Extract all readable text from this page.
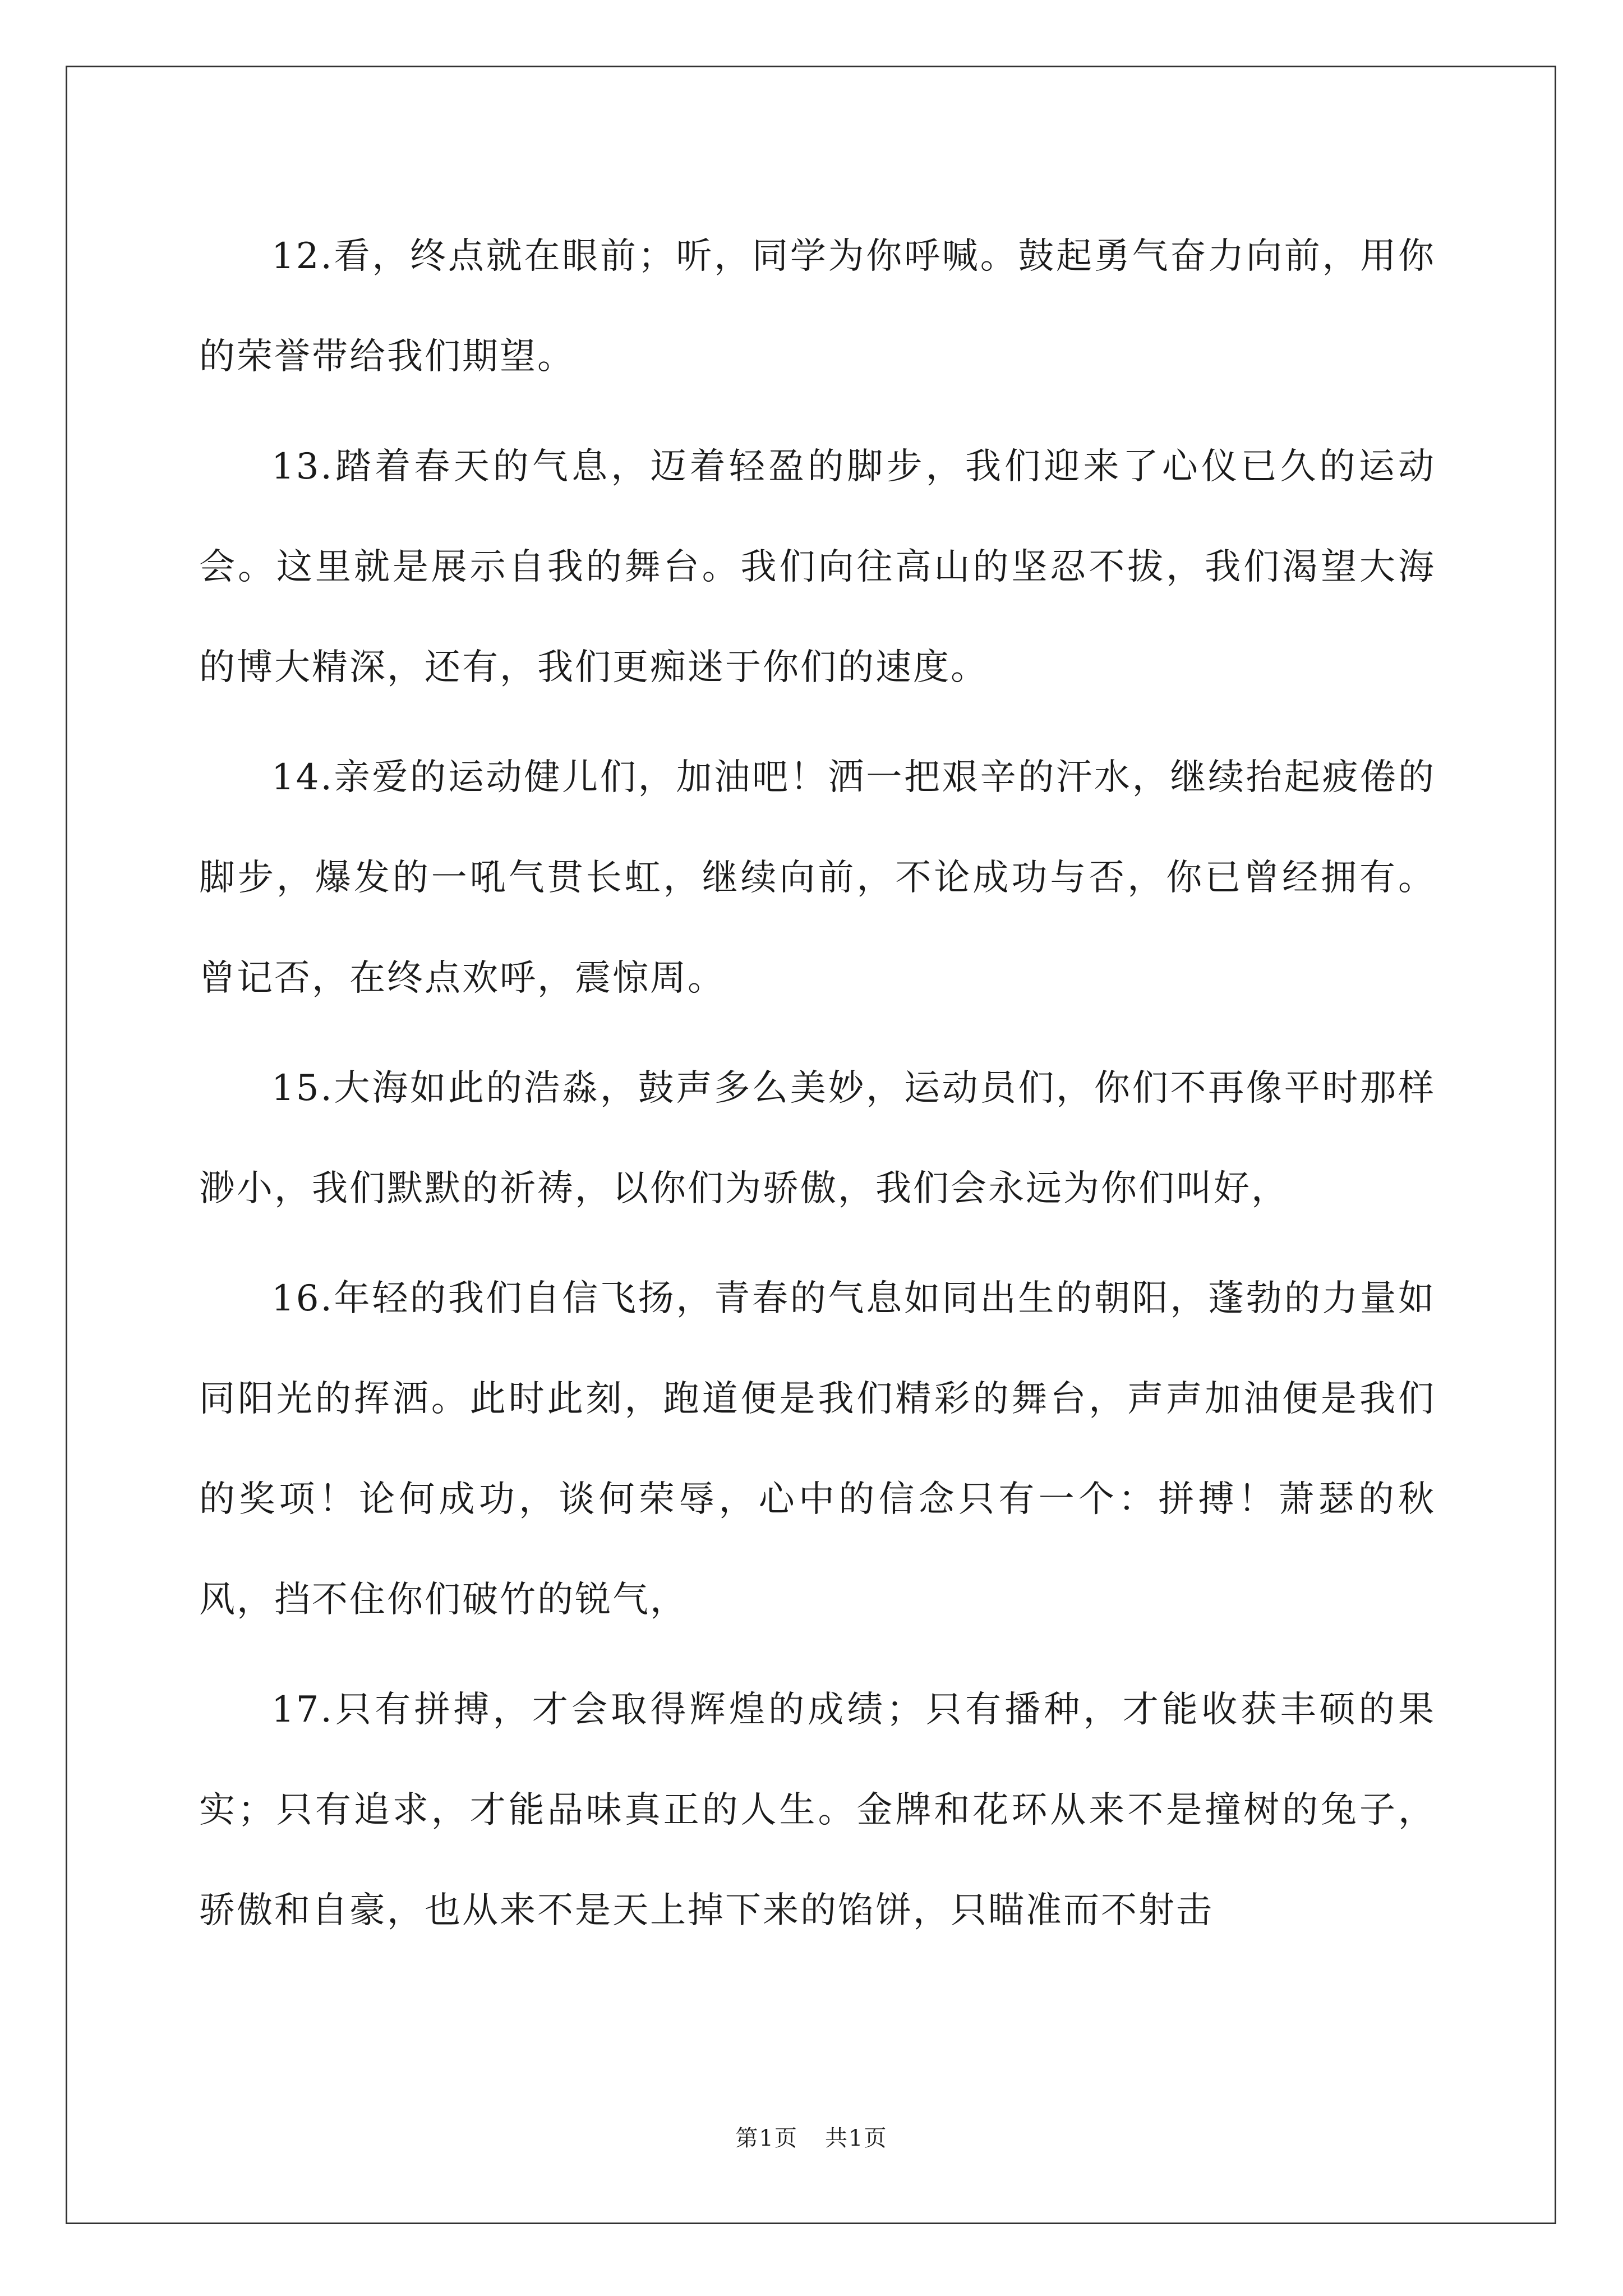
12.看，终点就在眼前；听，同学为你呼喊。鼓起勇气奋力向前，用你的荣誉带给我们期望。

13.踏着春天的气息，迈着轻盈的脚步，我们迎来了心仪已久的运动会。这里就是展示自我的舞台。我们向往高山的坚忍不拔，我们渴望大海的博大精深，还有，我们更痴迷于你们的速度。

14.亲爱的运动健儿们，加油吧！洒一把艰辛的汗水，继续抬起疲倦的脚步，爆发的一吼气贯长虹，继续向前，不论成功与否，你已曾经拥有。曾记否，在终点欢呼，震惊周。

15.大海如此的浩淼，鼓声多么美妙，运动员们，你们不再像平时那样渺小，我们默默的祈祷，以你们为骄傲，我们会永远为你们叫好，

16.年轻的我们自信飞扬，青春的气息如同出生的朝阳，蓬勃的力量如同阳光的挥洒。此时此刻，跑道便是我们精彩的舞台，声声加油便是我们的奖项！论何成功，谈何荣辱，心中的信念只有一个：拼搏！萧瑟的秋风，挡不住你们破竹的锐气，

17.只有拼搏，才会取得辉煌的成绩；只有播种，才能收获丰硕的果实；只有追求，才能品味真正的人生。金牌和花环从来不是撞树的兔子，骄傲和自豪，也从来不是天上掉下来的馅饼，只瞄准而不射击

第1页 共1页
